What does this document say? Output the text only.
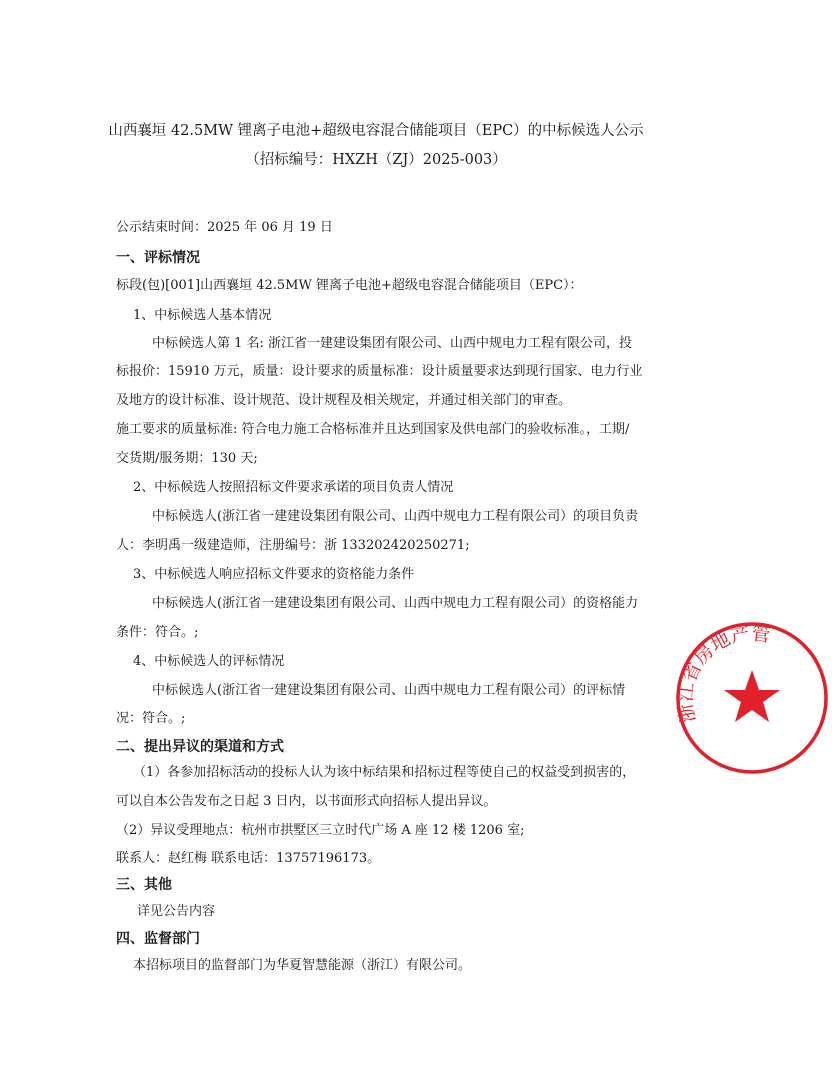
山西襄垣 42.5MW 锂离子电池+超级电容混合储能项目（EPC）的中标候选人公示
（招标编号：HXZH（ZJ）2025-003）
公示结束时间：2025 年 06 月 19 日
一、评标情况
标段(包)[001]山西襄垣 42.5MW 锂离子电池+超级电容混合储能项目（EPC）：
1、中标候选人基本情况
中标候选人第 1 名: 浙江省一建建设集团有限公司、山西中规电力工程有限公司，投
标报价：15910 万元，质量：设计要求的质量标准：设计质量要求达到现行国家、电力行业
及地方的设计标准、设计规范、设计规程及相关规定，并通过相关部门的审查。
施工要求的质量标准: 符合电力施工合格标准并且达到国家及供电部门的验收标准。，工期/
交货期/服务期：130 天;
2、中标候选人按照招标文件要求承诺的项目负责人情况
中标候选人(浙江省一建建设集团有限公司、山西中规电力工程有限公司）的项目负责
人：李明禹一级建造师，注册编号：浙 133202420250271;
3、中标候选人响应招标文件要求的资格能力条件
中标候选人(浙江省一建建设集团有限公司、山西中规电力工程有限公司）的资格能力
条件：符合。;
4、中标候选人的评标情况
中标候选人(浙江省一建建设集团有限公司、山西中规电力工程有限公司）的评标情
况：符合。;
二、提出异议的渠道和方式
（1）各参加招标活动的投标人认为该中标结果和招标过程等使自己的权益受到损害的，
可以自本公告发布之日起 3 日内，以书面形式向招标人提出异议。
（2）异议受理地点：杭州市拱墅区三立时代广场 A 座 12 楼 1206 室;
联系人：赵红梅 联系电话：13757196173。
三、其他
详见公告内容
四、监督部门
本招标项目的监督部门为华夏智慧能源（浙江）有限公司。
浙江省房地产管
